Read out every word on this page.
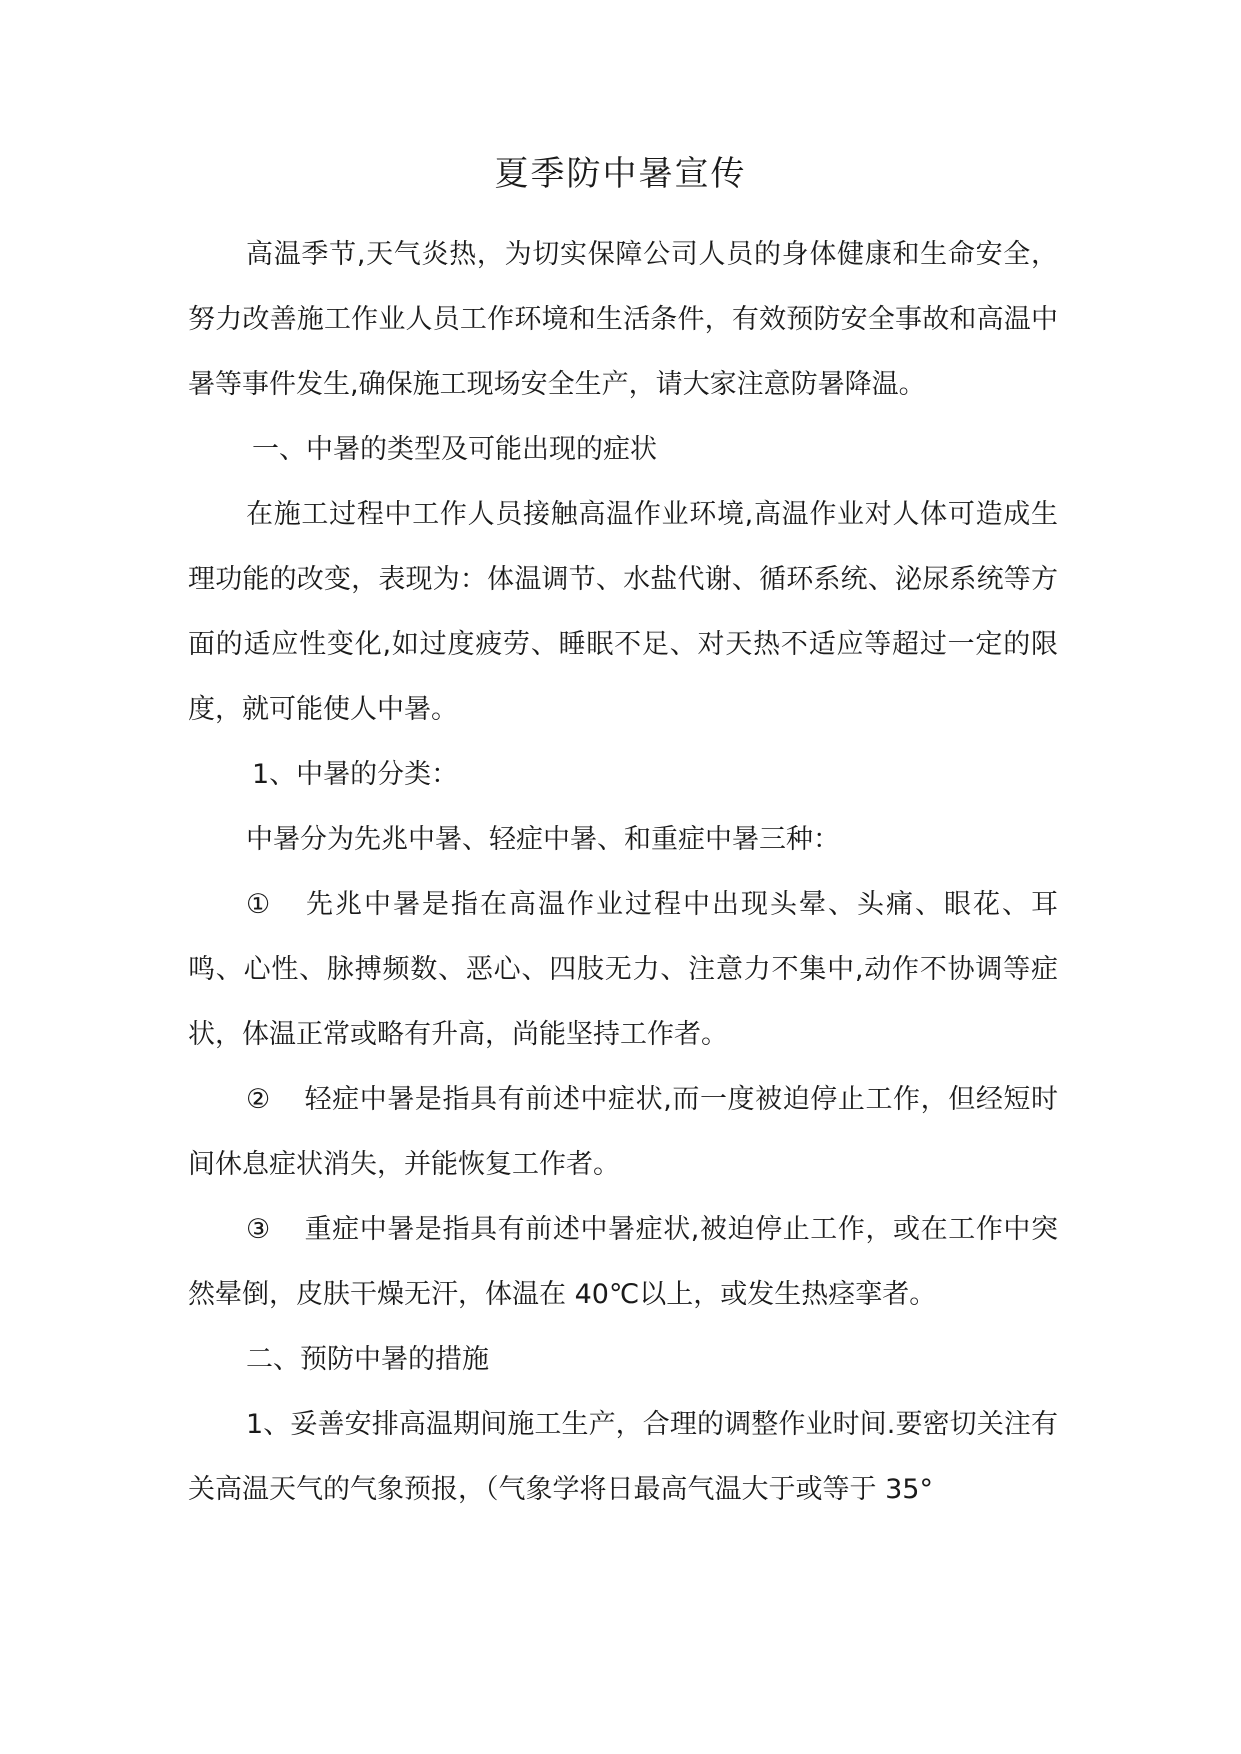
夏季防中暑宣传

高温季节,天气炎热，为切实保障公司人员的身体健康和生命安全，努力改善施工作业人员工作环境和生活条件，有效预防安全事故和高温中暑等事件发生,确保施工现场安全生产，请大家注意防暑降温。

一、中暑的类型及可能出现的症状

在施工过程中工作人员接触高温作业环境,高温作业对人体可造成生理功能的改变，表现为：体温调节、水盐代谢、循环系统、泌尿系统等方面的适应性变化,如过度疲劳、睡眠不足、对天热不适应等超过一定的限度，就可能使人中暑。

1、中暑的分类：

中暑分为先兆中暑、轻症中暑、和重症中暑三种：

① 先兆中暑是指在高温作业过程中出现头晕、头痛、眼花、耳鸣、心性、脉搏频数、恶心、四肢无力、注意力不集中,动作不协调等症状，体温正常或略有升高，尚能坚持工作者。

② 轻症中暑是指具有前述中症状,而一度被迫停止工作，但经短时间休息症状消失，并能恢复工作者。

③ 重症中暑是指具有前述中暑症状,被迫停止工作，或在工作中突然晕倒，皮肤干燥无汗，体温在 40℃以上，或发生热痉挛者。

二、预防中暑的措施

1、妥善安排高温期间施工生产，合理的调整作业时间.要密切关注有关高温天气的气象预报，（气象学将日最高气温大于或等于 35°
